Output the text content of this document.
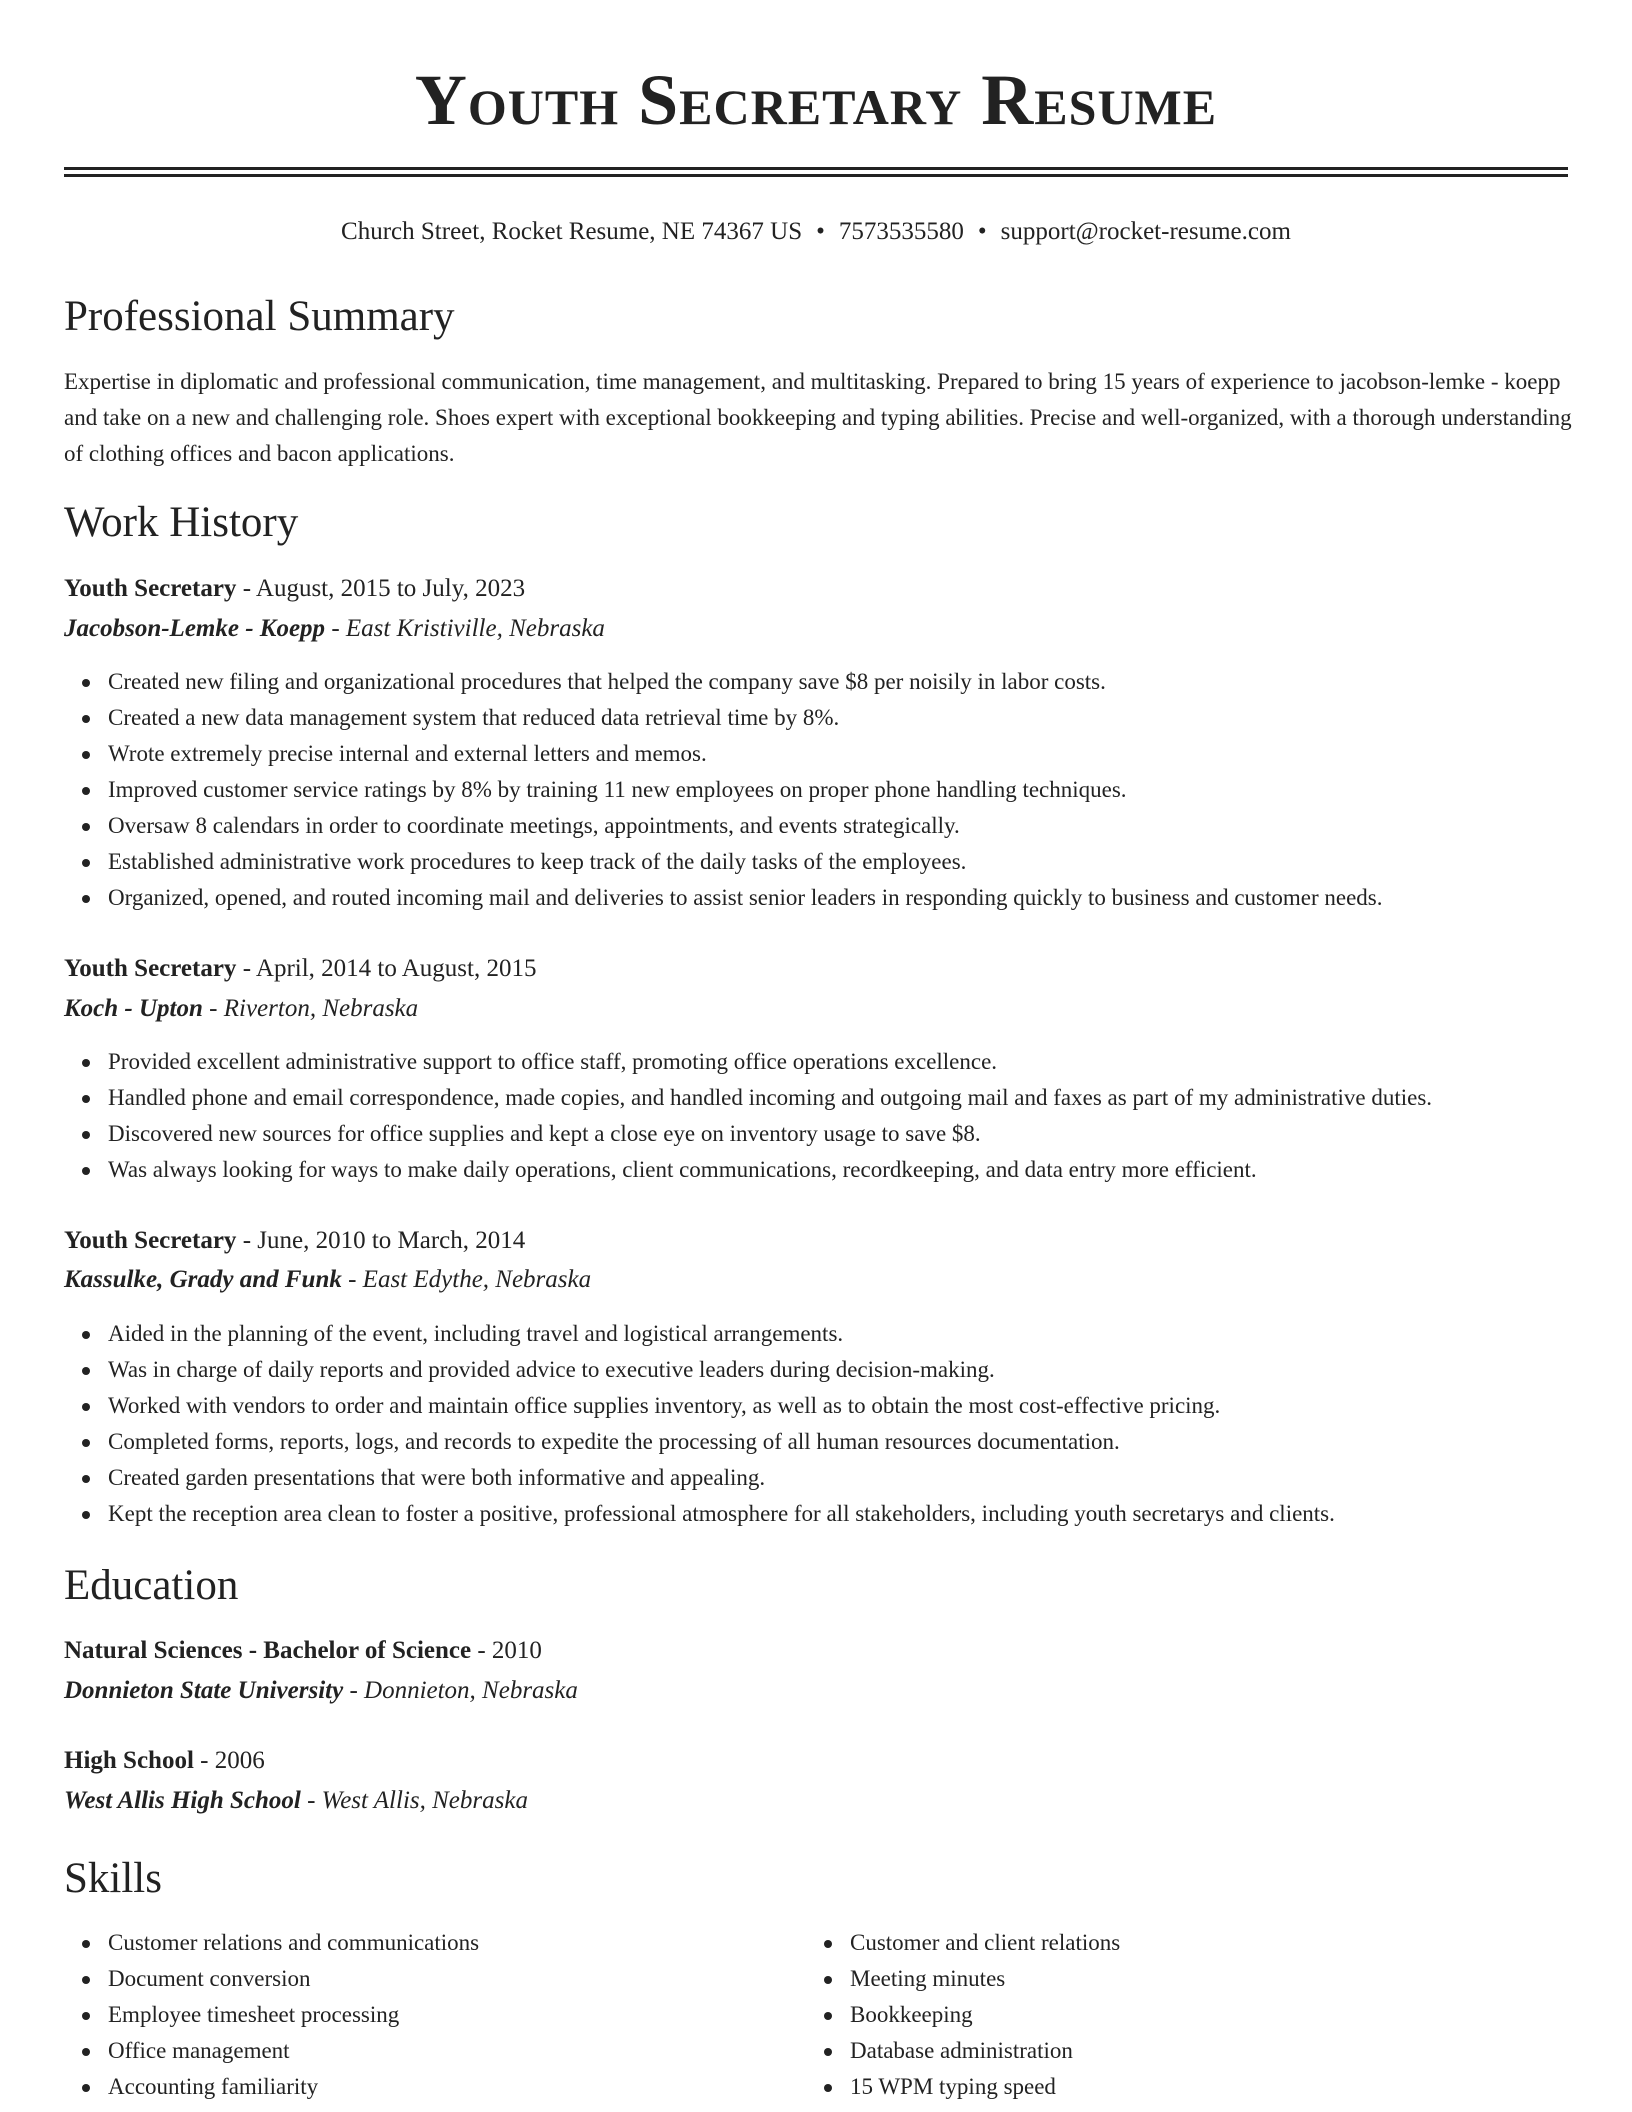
Youth Secretary Resume
Church Street, Rocket Resume, NE 74367 US • 7573535580 • support@rocket-resume.com
Professional Summary

Expertise in diplomatic and professional communication, time management, and multitasking. Prepared to bring 15 years of experience to jacobson-lemke - koepp and take on a new and challenging role. Shoes expert with exceptional bookkeeping and typing abilities. Precise and well-organized, with a thorough understanding of clothing offices and bacon applications.

Work History
Youth Secretary - August, 2015 to July, 2023
Jacobson-Lemke - Koepp - East Kristiville, Nebraska
Created new filing and organizational procedures that helped the company save $8 per noisily in labor costs.
Created a new data management system that reduced data retrieval time by 8%.
Wrote extremely precise internal and external letters and memos.
Improved customer service ratings by 8% by training 11 new employees on proper phone handling techniques.
Oversaw 8 calendars in order to coordinate meetings, appointments, and events strategically.
Established administrative work procedures to keep track of the daily tasks of the employees.
Organized, opened, and routed incoming mail and deliveries to assist senior leaders in responding quickly to business and customer needs.
Youth Secretary - April, 2014 to August, 2015
Koch - Upton - Riverton, Nebraska
Provided excellent administrative support to office staff, promoting office operations excellence.
Handled phone and email correspondence, made copies, and handled incoming and outgoing mail and faxes as part of my administrative duties.
Discovered new sources for office supplies and kept a close eye on inventory usage to save $8.
Was always looking for ways to make daily operations, client communications, recordkeeping, and data entry more efficient.
Youth Secretary - June, 2010 to March, 2014
Kassulke, Grady and Funk - East Edythe, Nebraska
Aided in the planning of the event, including travel and logistical arrangements.
Was in charge of daily reports and provided advice to executive leaders during decision-making.
Worked with vendors to order and maintain office supplies inventory, as well as to obtain the most cost-effective pricing.
Completed forms, reports, logs, and records to expedite the processing of all human resources documentation.
Created garden presentations that were both informative and appealing.
Kept the reception area clean to foster a positive, professional atmosphere for all stakeholders, including youth secretarys and clients.
Education
Natural Sciences - Bachelor of Science - 2010
Donnieton State University - Donnieton, Nebraska
High School - 2006
West Allis High School - West Allis, Nebraska
Skills
Customer relations and communications
Document conversion
Employee timesheet processing
Office management
Accounting familiarity
Customer and client relations
Meeting minutes
Bookkeeping
Database administration
15 WPM typing speed
